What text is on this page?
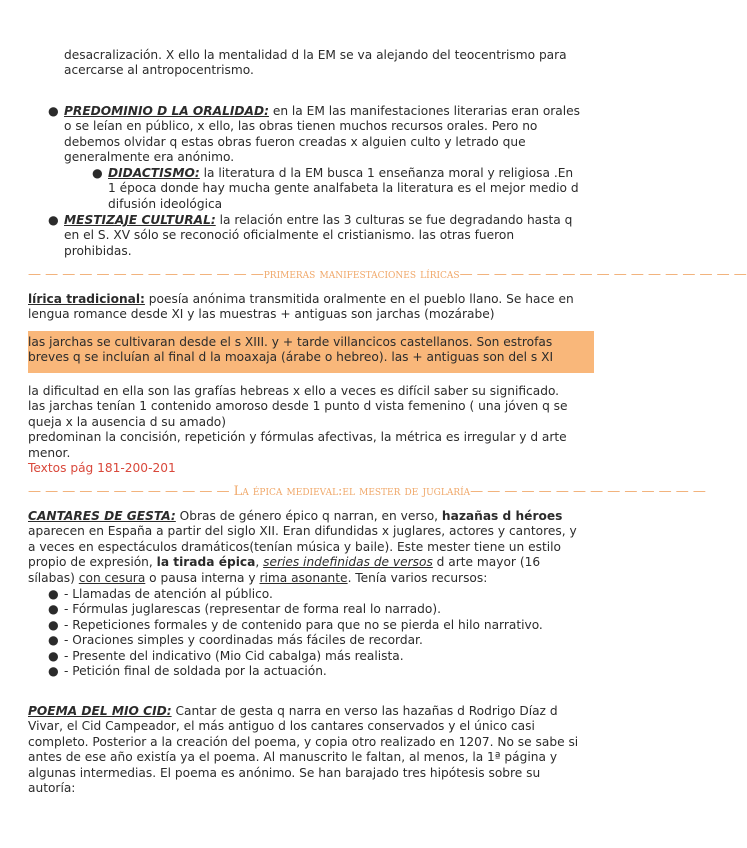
desacralización. X ello la mentalidad d la EM se va alejando del teocentrismo para acercarse al antropocentrismo.
● PREDOMINIO D LA ORALIDAD: en la EM las manifestaciones literarias eran orales o se leían en público, x ello, las obras tienen muchos recursos orales. Pero no debemos olvidar q estas obras fueron creadas x alguien culto y letrado que generalmente era anónimo.
● DIDACTISMO: la literatura d la EM busca 1 enseñanza moral y religiosa .En 1 época donde hay mucha gente analfabeta la literatura es el mejor medio d difusión ideológica
● MESTIZAJE CULTURAL: la relación entre las 3 culturas se fue degradando hasta q en el S. XV sólo se reconoció oficialmente el cristianismo. las otras fueron prohibidas.
— — — — — — — — — — — — — —primeras manifestaciones líricas— — — — — — — — — — — — — — — — —
lírica tradicional: poesía anónima transmitida oralmente en el pueblo llano. Se hace en lengua romance desde XI y las muestras + antiguas son jarchas (mozárabe)
las jarchas se cultivaran desde el s XIII. y + tarde villancicos castellanos. Son estrofas breves q se incluían al final d la moaxaja (árabe o hebreo). las + antiguas son del s XI
la dificultad en ella son las grafías hebreas x ello a veces es difícil saber su significado.
las jarchas tenían 1 contenido amoroso desde 1 punto d vista femenino ( una jóven q se queja x la ausencia d su amado)
predominan la concisión, repetición y fórmulas afectivas, la métrica es irregular y d arte menor.
Textos pág 181-200-201
— — — — — — — — — — — — La épica medieval:el mester de juglaría— — — — — — — — — — — — — —
CANTARES DE GESTA: Obras de género épico q narran, en verso, hazañas d héroes aparecen en España a partir del siglo XII. Eran difundidas x juglares, actores y cantores, y a veces en espectáculos dramáticos(tenían música y baile). Este mester tiene un estilo propio de expresión, la tirada épica, series indefinidas de versos d arte mayor (16 sílabas) con cesura o pausa interna y rima asonante. Tenía varios recursos:
● - Llamadas de atención al público.
● - Fórmulas juglarescas (representar de forma real lo narrado).
● - Repeticiones formales y de contenido para que no se pierda el hilo narrativo.
● - Oraciones simples y coordinadas más fáciles de recordar.
● - Presente del indicativo (Mio Cid cabalga) más realista.
● - Petición final de soldada por la actuación.
POEMA DEL MIO CID: Cantar de gesta q narra en verso las hazañas d Rodrigo Díaz d Vivar, el Cid Campeador, el más antiguo d los cantares conservados y el único casi completo. Posterior a la creación del poema, y copia otro realizado en 1207. No se sabe si antes de ese año existía ya el poema. Al manuscrito le faltan, al menos, la 1ª página y algunas intermedias. El poema es anónimo. Se han barajado tres hipótesis sobre su autoría:
